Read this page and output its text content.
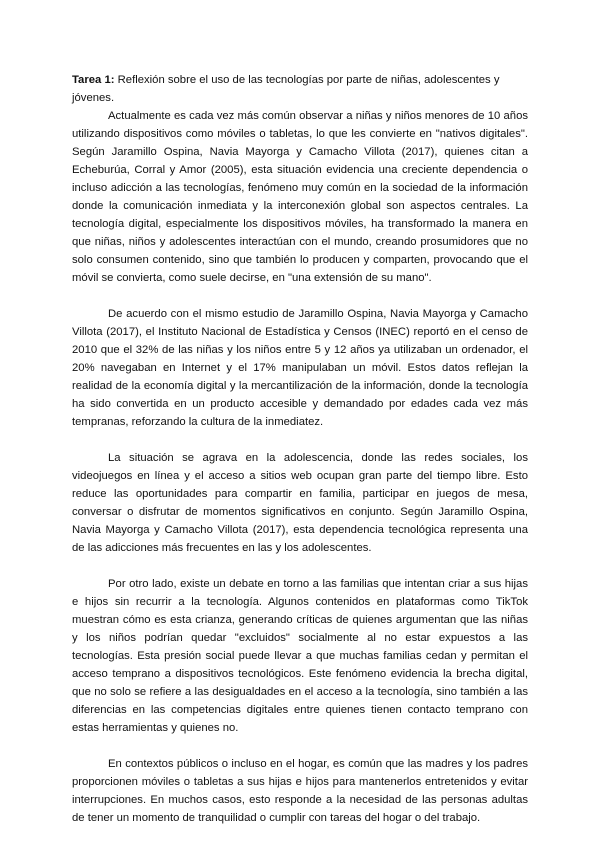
Tarea 1: Reflexión sobre el uso de las tecnologías por parte de niñas, adolescentes y jóvenes.

Actualmente es cada vez más común observar a niñas y niños menores de 10 años utilizando dispositivos como móviles o tabletas, lo que les convierte en "nativos digitales". Según Jaramillo Ospina, Navia Mayorga y Camacho Villota (2017), quienes citan a Echeburúa, Corral y Amor (2005), esta situación evidencia una creciente dependencia o incluso adicción a las tecnologías, fenómeno muy común en la sociedad de la información donde la comunicación inmediata y la interconexión global son aspectos centrales. La tecnología digital, especialmente los dispositivos móviles, ha transformado la manera en que niñas, niños y adolescentes interactúan con el mundo, creando prosumidores que no solo consumen contenido, sino que también lo producen y comparten, provocando que el móvil se convierta, como suele decirse, en "una extensión de su mano".

De acuerdo con el mismo estudio de Jaramillo Ospina, Navia Mayorga y Camacho Villota (2017), el Instituto Nacional de Estadística y Censos (INEC) reportó en el censo de 2010 que el 32% de las niñas y los niños entre 5 y 12 años ya utilizaban un ordenador, el 20% navegaban en Internet y el 17% manipulaban un móvil. Estos datos reflejan la realidad de la economía digital y la mercantilización de la información, donde la tecnología ha sido convertida en un producto accesible y demandado por edades cada vez más tempranas, reforzando la cultura de la inmediatez.

La situación se agrava en la adolescencia, donde las redes sociales, los videojuegos en línea y el acceso a sitios web ocupan gran parte del tiempo libre. Esto reduce las oportunidades para compartir en familia, participar en juegos de mesa, conversar o disfrutar de momentos significativos en conjunto. Según Jaramillo Ospina, Navia Mayorga y Camacho Villota (2017), esta dependencia tecnológica representa una de las adicciones más frecuentes en las y los adolescentes.

Por otro lado, existe un debate en torno a las familias que intentan criar a sus hijas e hijos sin recurrir a la tecnología. Algunos contenidos en plataformas como TikTok muestran cómo es esta crianza, generando críticas de quienes argumentan que las niñas y los niños podrían quedar "excluidos" socialmente al no estar expuestos a las tecnologías. Esta presión social puede llevar a que muchas familias cedan y permitan el acceso temprano a dispositivos tecnológicos. Este fenómeno evidencia la brecha digital, que no solo se refiere a las desigualdades en el acceso a la tecnología, sino también a las diferencias en las competencias digitales entre quienes tienen contacto temprano con estas herramientas y quienes no.

En contextos públicos o incluso en el hogar, es común que las madres y los padres proporcionen móviles o tabletas a sus hijas e hijos para mantenerlos entretenidos y evitar interrupciones. En muchos casos, esto responde a la necesidad de las personas adultas de tener un momento de tranquilidad o cumplir con tareas del hogar o del trabajo.
